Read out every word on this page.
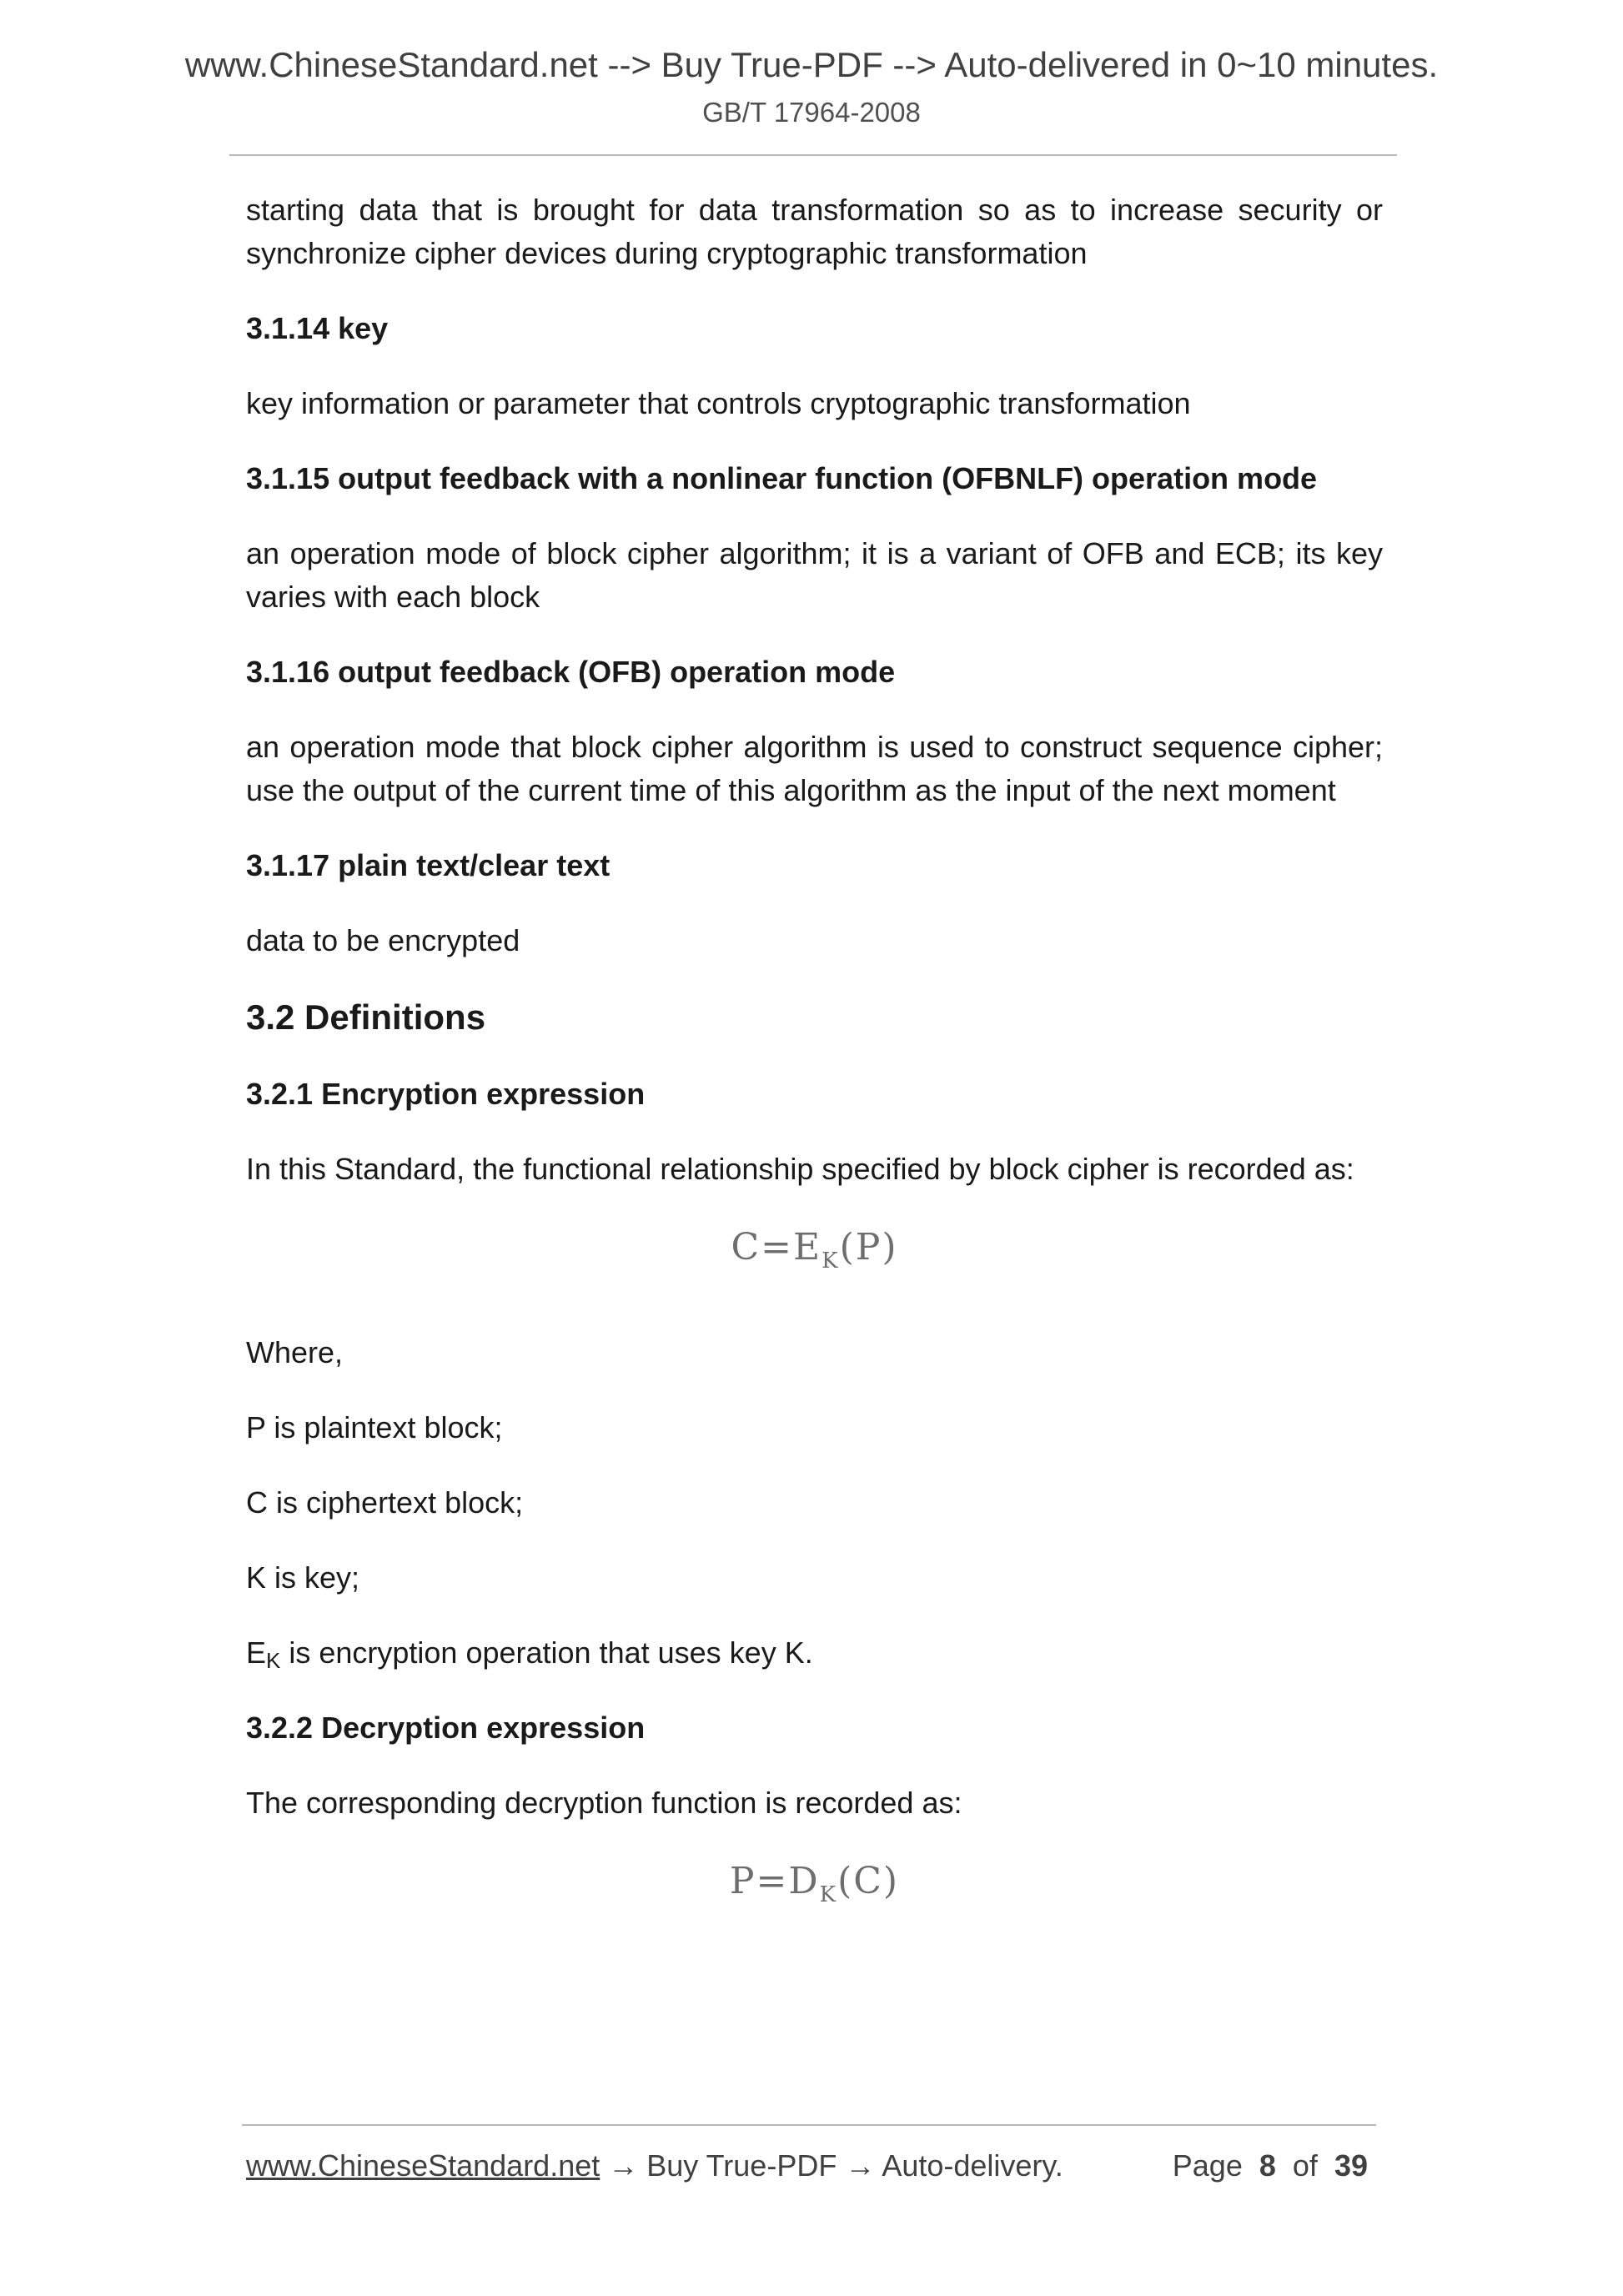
www.ChineseStandard.net --> Buy True-PDF --> Auto-delivered in 0~10 minutes.
GB/T 17964-2008

starting data that is brought for data transformation so as to increase security or synchronize cipher devices during cryptographic transformation

3.1.14 key

key information or parameter that controls cryptographic transformation

3.1.15 output feedback with a nonlinear function (OFBNLF) operation mode

an operation mode of block cipher algorithm; it is a variant of OFB and ECB; its key varies with each block

3.1.16 output feedback (OFB) operation mode

an operation mode that block cipher algorithm is used to construct sequence cipher; use the output of the current time of this algorithm as the input of the next moment

3.1.17 plain text/clear text

data to be encrypted

3.2 Definitions

3.2.1 Encryption expression

In this Standard, the functional relationship specified by block cipher is recorded as:

$C=E_K(P)$

Where,

P is plaintext block;

C is ciphertext block;

K is key;

EK is encryption operation that uses key K.

3.2.2 Decryption expression

The corresponding decryption function is recorded as:

$P=D_K(C)$

www.ChineseStandard.net → Buy True-PDF → Auto-delivery.	Page 8 of 39
